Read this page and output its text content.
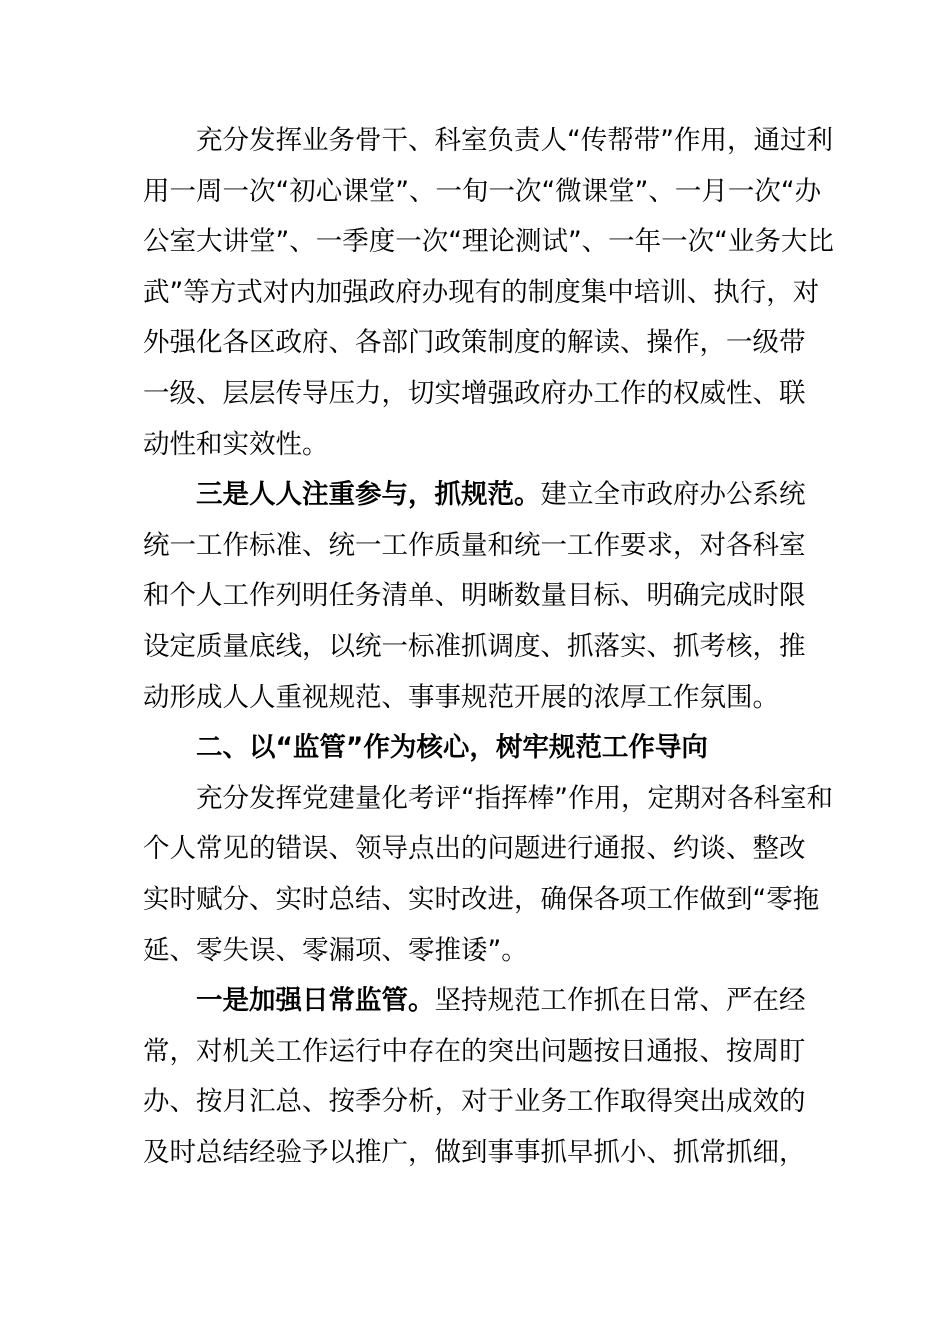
充分发挥业务骨干、科室负责人“传帮带”作用，通过利
用一周一次“初心课堂”、一旬一次“微课堂”、一月一次“办
公室大讲堂”、一季度一次“理论测试”、一年一次“业务大比
武”等方式对内加强政府办现有的制度集中培训、执行，对
外强化各区政府、各部门政策制度的解读、操作，一级带
一级、层层传导压力，切实增强政府办工作的权威性、联
动性和实效性。

三是人人注重参与，抓规范。建立全市政府办公系统
统一工作标准、统一工作质量和统一工作要求，对各科室
和个人工作列明任务清单、明晰数量目标、明确完成时限
设定质量底线，以统一标准抓调度、抓落实、抓考核，推
动形成人人重视规范、事事规范开展的浓厚工作氛围。

二、以“监管”作为核心，树牢规范工作导向

充分发挥党建量化考评“指挥棒”作用，定期对各科室和
个人常见的错误、领导点出的问题进行通报、约谈、整改
实时赋分、实时总结、实时改进，确保各项工作做到“零拖
延、零失误、零漏项、零推诿”。

一是加强日常监管。坚持规范工作抓在日常、严在经
常，对机关工作运行中存在的突出问题按日通报、按周盯
办、按月汇总、按季分析，对于业务工作取得突出成效的
及时总结经验予以推广，做到事事抓早抓小、抓常抓细，
